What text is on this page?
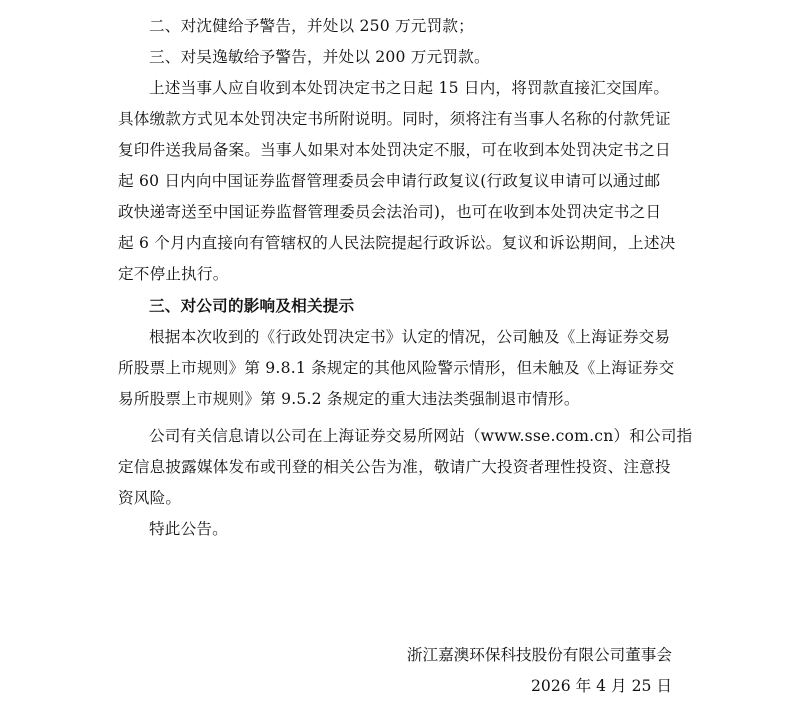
二、对沈健给予警告，并处以 250 万元罚款；
三、对吴逸敏给予警告，并处以 200 万元罚款。
上述当事人应自收到本处罚决定书之日起 15 日内，将罚款直接汇交国库。
具体缴款方式见本处罚决定书所附说明。同时，须将注有当事人名称的付款凭证
复印件送我局备案。当事人如果对本处罚决定不服，可在收到本处罚决定书之日
起 60 日内向中国证券监督管理委员会申请行政复议(行政复议申请可以通过邮
政快递寄送至中国证券监督管理委员会法治司)，也可在收到本处罚决定书之日
起 6 个月内直接向有管辖权的人民法院提起行政诉讼。复议和诉讼期间，上述决
定不停止执行。
三、对公司的影响及相关提示
根据本次收到的《行政处罚决定书》认定的情况，公司触及《上海证券交易
所股票上市规则》第 9.8.1 条规定的其他风险警示情形，但未触及《上海证券交
易所股票上市规则》第 9.5.2 条规定的重大违法类强制退市情形。
公司有关信息请以公司在上海证券交易所网站（www.sse.com.cn）和公司指
定信息披露媒体发布或刊登的相关公告为准，敬请广大投资者理性投资、注意投
资风险。
特此公告。
浙江嘉澳环保科技股份有限公司董事会
2026 年 4 月 25 日
